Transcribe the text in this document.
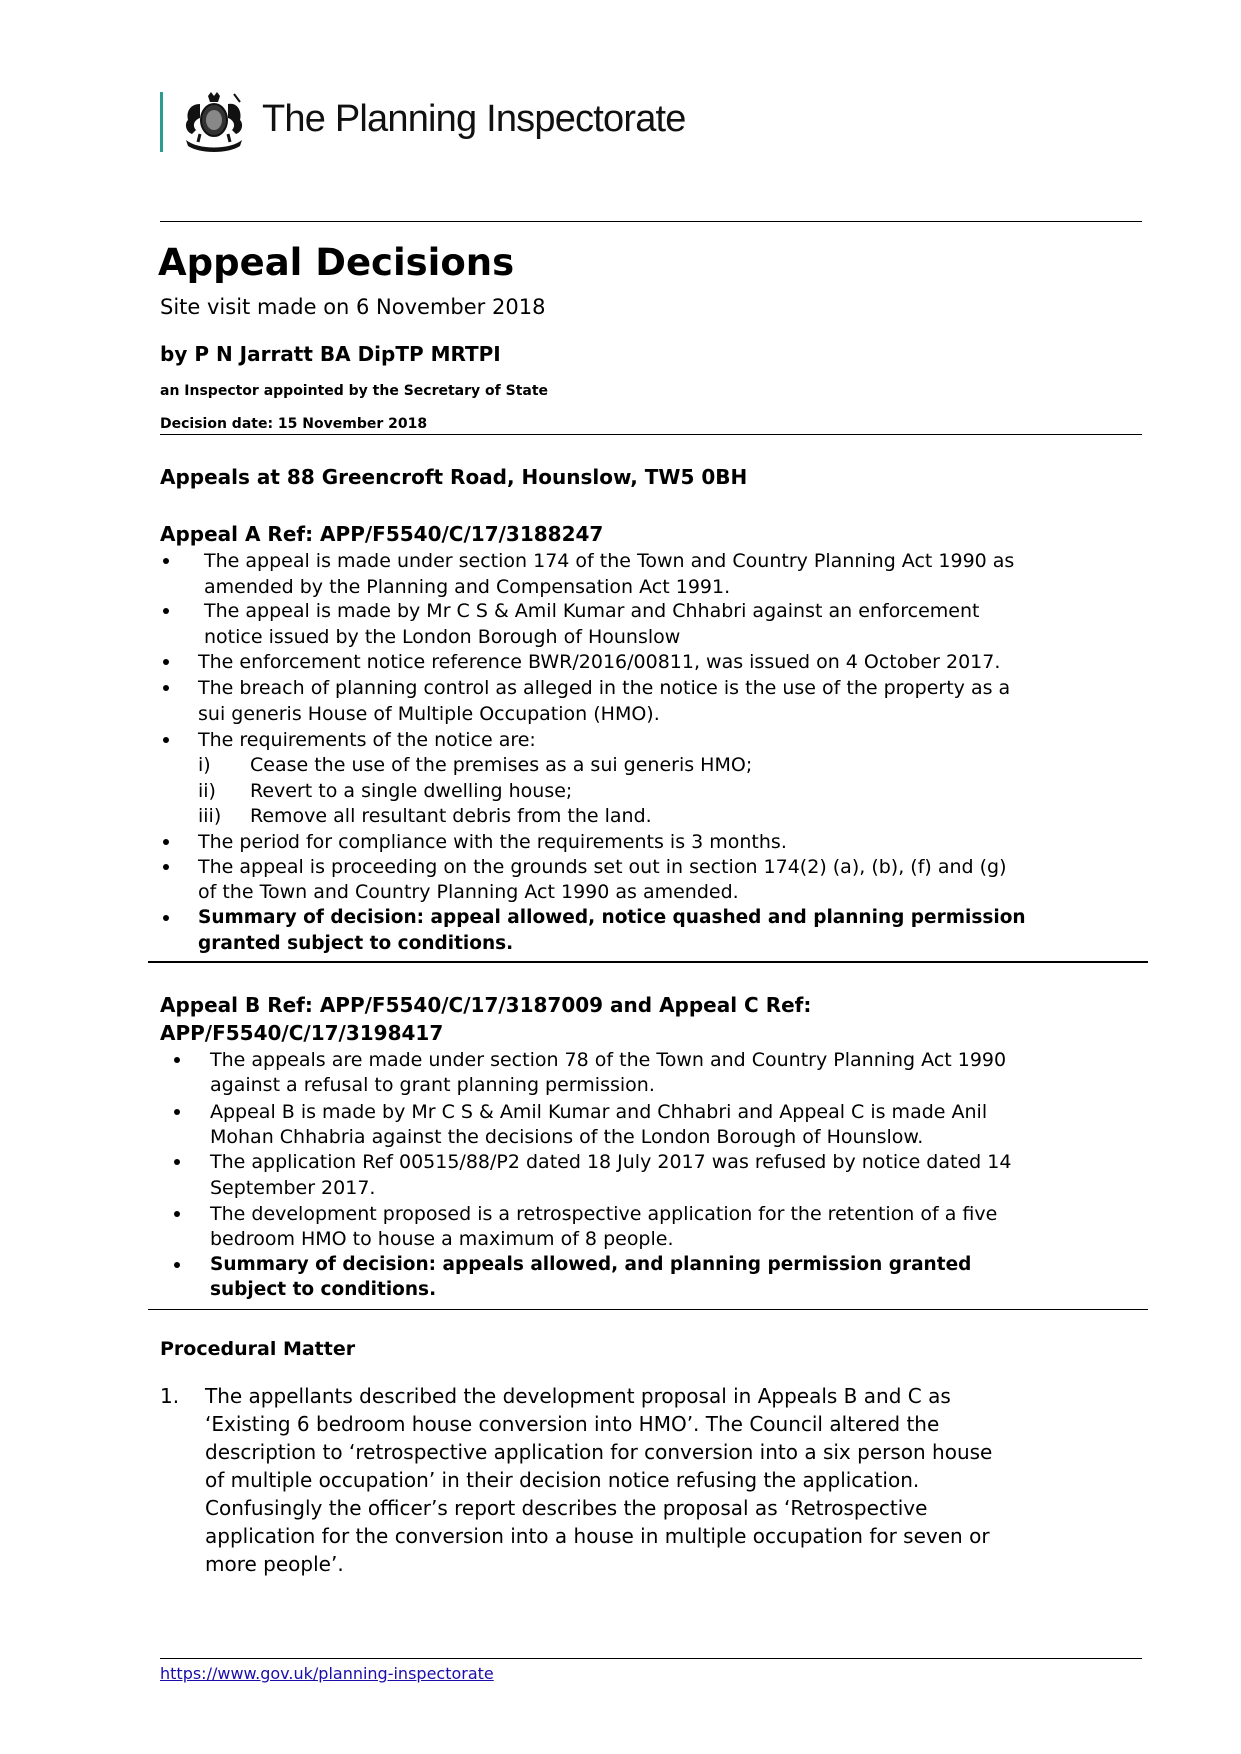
The Planning Inspectorate
Appeal Decisions
Site visit made on 6 November 2018
by P N Jarratt BA DipTP MRTPI
an Inspector appointed by the Secretary of State
Decision date: 15 November 2018
Appeals at 88 Greencroft Road, Hounslow, TW5 0BH
Appeal A Ref: APP/F5540/C/17/3188247
The appeal is made under section 174 of the Town and Country Planning Act 1990 as
amended by the Planning and Compensation Act 1991.
The appeal is made by Mr C S & Amil Kumar and Chhabri against an enforcement
notice issued by the London Borough of Hounslow
The enforcement notice reference BWR/2016/00811, was issued on 4 October 2017.
The breach of planning control as alleged in the notice is the use of the property as a
sui generis House of Multiple Occupation (HMO).
The requirements of the notice are:
i) Cease the use of the premises as a sui generis HMO;
ii) Revert to a single dwelling house;
iii) Remove all resultant debris from the land.
The period for compliance with the requirements is 3 months.
The appeal is proceeding on the grounds set out in section 174(2) (a), (b), (f) and (g)
of the Town and Country Planning Act 1990 as amended.
Summary of decision: appeal allowed, notice quashed and planning permission
granted subject to conditions.
Appeal B Ref: APP/F5540/C/17/3187009 and Appeal C Ref:
APP/F5540/C/17/3198417
The appeals are made under section 78 of the Town and Country Planning Act 1990
against a refusal to grant planning permission.
Appeal B is made by Mr C S & Amil Kumar and Chhabri and Appeal C is made Anil
Mohan Chhabria against the decisions of the London Borough of Hounslow.
The application Ref 00515/88/P2 dated 18 July 2017 was refused by notice dated 14
September 2017.
The development proposed is a retrospective application for the retention of a five
bedroom HMO to house a maximum of 8 people.
Summary of decision: appeals allowed, and planning permission granted
subject to conditions.
Procedural Matter
1. The appellants described the development proposal in Appeals B and C as
‘Existing 6 bedroom house conversion into HMO’. The Council altered the
description to ‘retrospective application for conversion into a six person house
of multiple occupation’ in their decision notice refusing the application.
Confusingly the officer’s report describes the proposal as ‘Retrospective
application for the conversion into a house in multiple occupation for seven or
more people’.
https://www.gov.uk/planning-inspectorate
